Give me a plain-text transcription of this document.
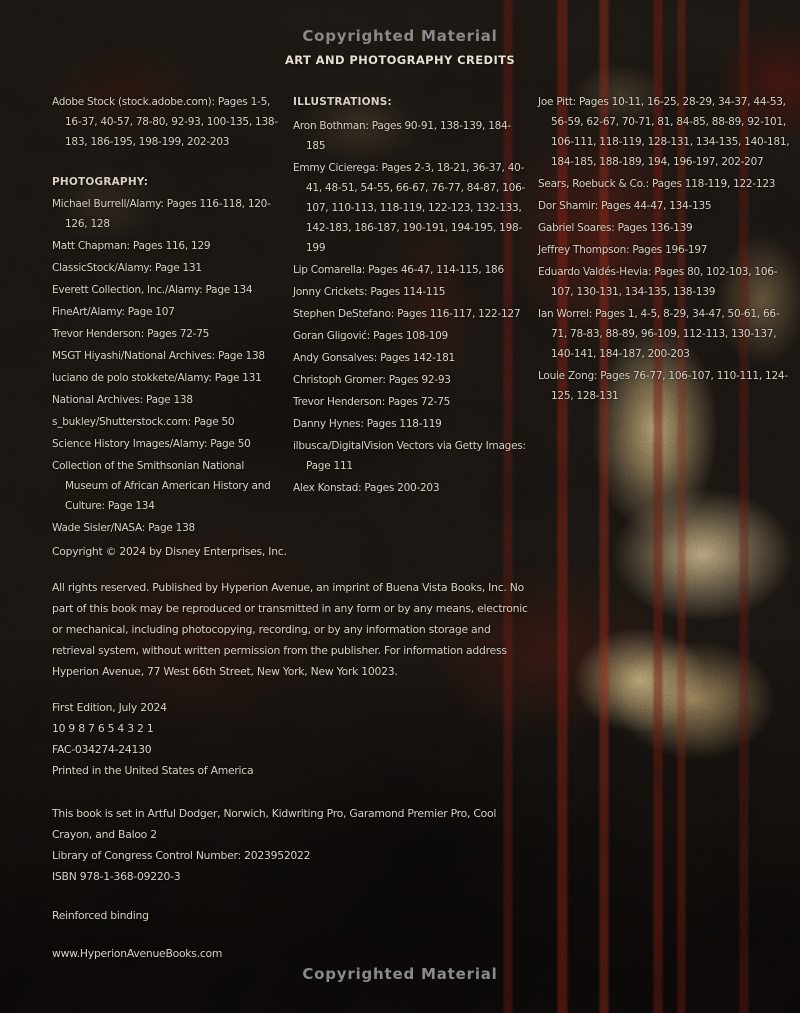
Copyrighted Material
ART AND PHOTOGRAPHY CREDITS

Adobe Stock (stock.adobe.com): Pages 1-5, 16-37, 40-57, 78-80, 92-93, 100-135, 138-183, 186-195, 198-199, 202-203

PHOTOGRAPHY:

Michael Burrell/Alamy: Pages 116-118, 120-126, 128

Matt Chapman: Pages 116, 129

ClassicStock/Alamy: Page 131

Everett Collection, Inc./Alamy: Page 134

FineArt/Alamy: Page 107

Trevor Henderson: Pages 72-75

MSGT Hiyashi/National Archives: Page 138

luciano de polo stokkete/Alamy: Page 131

National Archives: Page 138

s_bukley/Shutterstock.com: Page 50

Science History Images/Alamy: Page 50

Collection of the Smithsonian National Museum of African American History and Culture: Page 134

Wade Sisler/NASA: Page 138

ILLUSTRATIONS:

Aron Bothman: Pages 90-91, 138-139, 184-185

Emmy Cicierega: Pages 2-3, 18-21, 36-37, 40-41, 48-51, 54-55, 66-67, 76-77, 84-87, 106-107, 110-113, 118-119, 122-123, 132-133, 142-183, 186-187, 190-191, 194-195, 198-199

Lip Comarella: Pages 46-47, 114-115, 186

Jonny Crickets: Pages 114-115

Stephen DeStefano: Pages 116-117, 122-127

Goran Gligović: Pages 108-109

Andy Gonsalves: Pages 142-181

Christoph Gromer: Pages 92-93

Trevor Henderson: Pages 72-75

Danny Hynes: Pages 118-119

ilbusca/DigitalVision Vectors via Getty Images: Page 111

Alex Konstad: Pages 200-203

Joe Pitt: Pages 10-11, 16-25, 28-29, 34-37, 44-53, 56-59, 62-67, 70-71, 81, 84-85, 88-89, 92-101, 106-111, 118-119, 128-131, 134-135, 140-181, 184-185, 188-189, 194, 196-197, 202-207

Sears, Roebuck & Co.: Pages 118-119, 122-123

Dor Shamir: Pages 44-47, 134-135

Gabriel Soares: Pages 136-139

Jeffrey Thompson: Pages 196-197

Eduardo Valdés-Hevia: Pages 80, 102-103, 106-107, 130-131, 134-135, 138-139

Ian Worrel: Pages 1, 4-5, 8-29, 34-47, 50-61, 66-71, 78-83, 88-89, 96-109, 112-113, 130-137, 140-141, 184-187, 200-203

Louie Zong: Pages 76-77, 106-107, 110-111, 124-125, 128-131

Copyright © 2024 by Disney Enterprises, Inc.

All rights reserved. Published by Hyperion Avenue, an imprint of Buena Vista Books, Inc. No part of this book may be reproduced or transmitted in any form or by any means, electronic or mechanical, including photocopying, recording, or by any information storage and retrieval system, without written permission from the publisher. For information address Hyperion Avenue, 77 West 66th Street, New York, New York 10023.

First Edition, July 2024

10 9 8 7 6 5 4 3 2 1

FAC-034274-24130

Printed in the United States of America

This book is set in Artful Dodger, Norwich, Kidwriting Pro, Garamond Premier Pro, Cool Crayon, and Baloo 2

Library of Congress Control Number: 2023952022

ISBN 978-1-368-09220-3

Reinforced binding

www.HyperionAvenueBooks.com

Copyrighted Material
